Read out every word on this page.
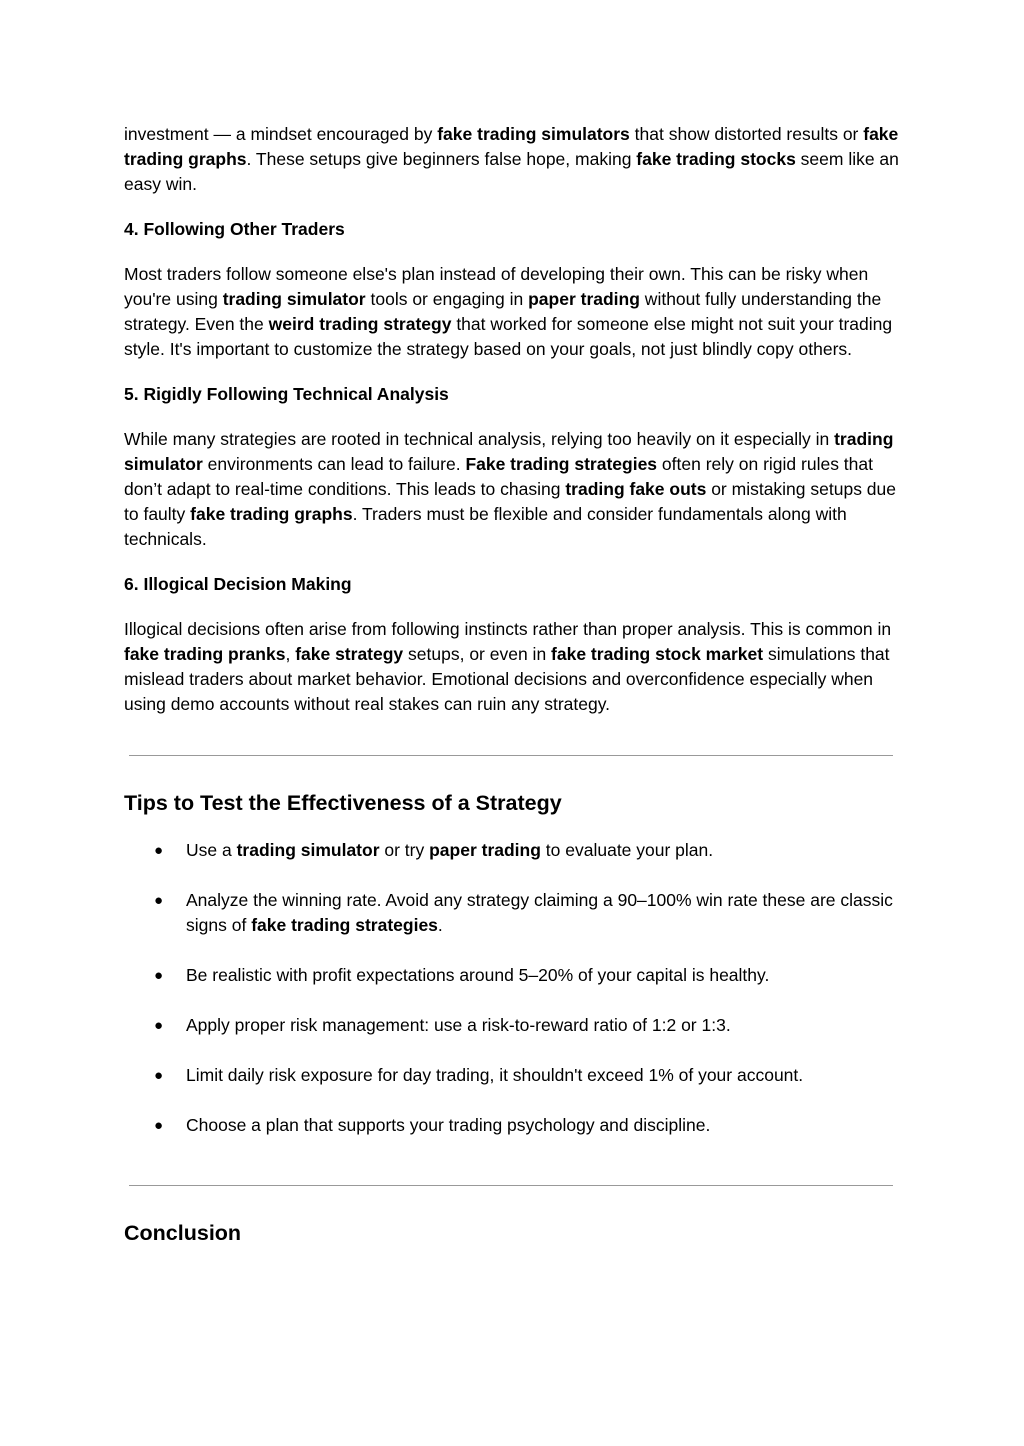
investment — a mindset encouraged by fake trading simulators that show distorted results or fake trading graphs. These setups give beginners false hope, making fake trading stocks seem like an easy win.

4. Following Other Traders

Most traders follow someone else's plan instead of developing their own. This can be risky when you're using trading simulator tools or engaging in paper trading without fully understanding the strategy. Even the weird trading strategy that worked for someone else might not suit your trading style. It's important to customize the strategy based on your goals, not just blindly copy others.

5. Rigidly Following Technical Analysis

While many strategies are rooted in technical analysis, relying too heavily on it especially in trading simulator environments can lead to failure. Fake trading strategies often rely on rigid rules that don’t adapt to real-time conditions. This leads to chasing trading fake outs or mistaking setups due to faulty fake trading graphs. Traders must be flexible and consider fundamentals along with technicals.

6. Illogical Decision Making

Illogical decisions often arise from following instincts rather than proper analysis. This is common in fake trading pranks, fake strategy setups, or even in fake trading stock market simulations that mislead traders about market behavior. Emotional decisions and overconfidence especially when using demo accounts without real stakes can ruin any strategy.

Tips to Test the Effectiveness of a Strategy
● Use a trading simulator or try paper trading to evaluate your plan.
● Analyze the winning rate. Avoid any strategy claiming a 90–100% win rate these are classic signs of fake trading strategies.
● Be realistic with profit expectations around 5–20% of your capital is healthy.
● Apply proper risk management: use a risk-to-reward ratio of 1:2 or 1:3.
● Limit daily risk exposure for day trading, it shouldn't exceed 1% of your account.
● Choose a plan that supports your trading psychology and discipline.
Conclusion
